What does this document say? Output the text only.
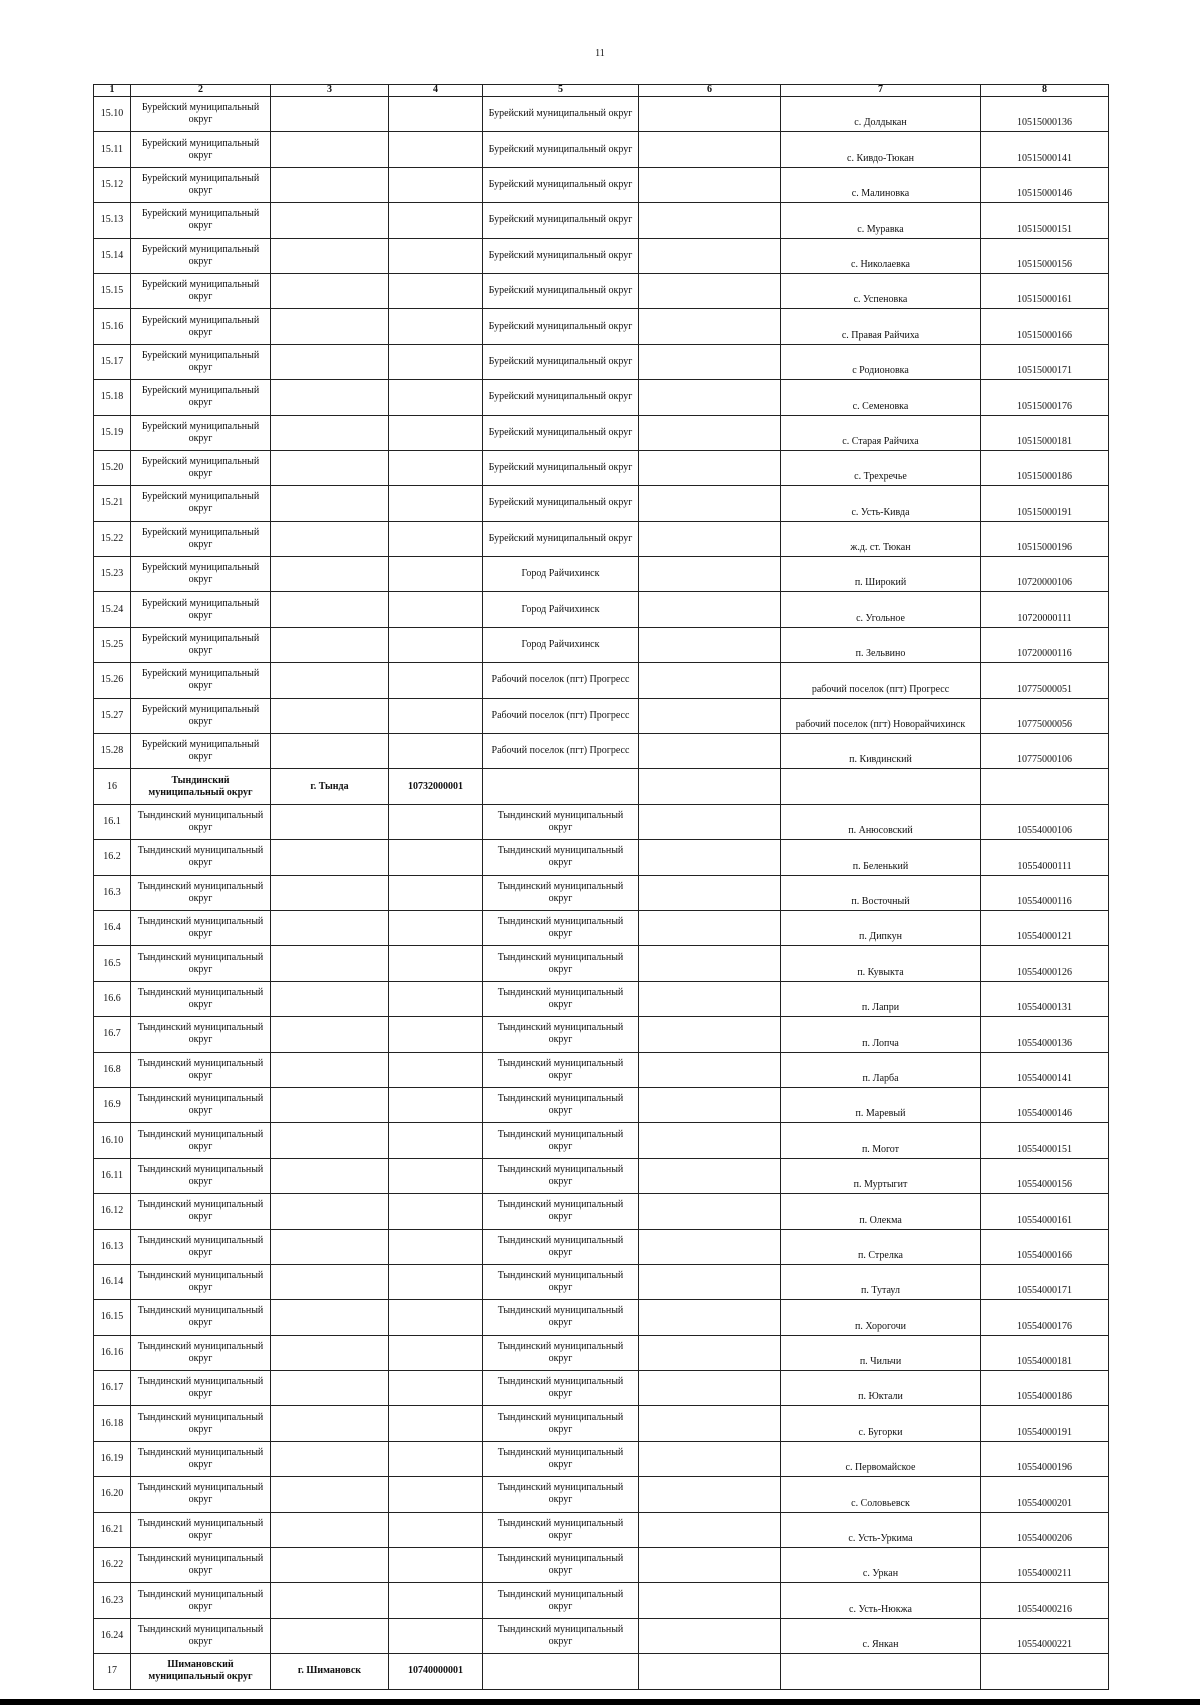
11
1	2	3	4	5	6	7	8
15.10	Бурейский муниципальный округ			Бурейский муниципальный округ		с. Долдыкан	10515000136
15.11	Бурейский муниципальный округ			Бурейский муниципальный округ		с. Кивдо-Тюкан	10515000141
15.12	Бурейский муниципальный округ			Бурейский муниципальный округ		с. Малиновка	10515000146
15.13	Бурейский муниципальный округ			Бурейский муниципальный округ		с. Муравка	10515000151
15.14	Бурейский муниципальный округ			Бурейский муниципальный округ		с. Николаевка	10515000156
15.15	Бурейский муниципальный округ			Бурейский муниципальный округ		с. Успеновка	10515000161
15.16	Бурейский муниципальный округ			Бурейский муниципальный округ		с. Правая Райчиха	10515000166
15.17	Бурейский муниципальный округ			Бурейский муниципальный округ		с Родионовка	10515000171
15.18	Бурейский муниципальный округ			Бурейский муниципальный округ		с. Семеновка	10515000176
15.19	Бурейский муниципальный округ			Бурейский муниципальный округ		с. Старая Райчиха	10515000181
15.20	Бурейский муниципальный округ			Бурейский муниципальный округ		с. Трехречье	10515000186
15.21	Бурейский муниципальный округ			Бурейский муниципальный округ		с. Усть-Кивда	10515000191
15.22	Бурейский муниципальный округ			Бурейский муниципальный округ		ж.д. ст. Тюкан	10515000196
15.23	Бурейский муниципальный округ			Город Райчихинск		п. Широкий	10720000106
15.24	Бурейский муниципальный округ			Город Райчихинск		с. Угольное	10720000111
15.25	Бурейский муниципальный округ			Город Райчихинск		п. Зельвино	10720000116
15.26	Бурейский муниципальный округ			Рабочий поселок (пгт) Прогресс		рабочий поселок (пгт) Прогресс	10775000051
15.27	Бурейский муниципальный округ			Рабочий поселок (пгт) Прогресс		рабочий поселок (пгт) Новорайчихинск	10775000056
15.28	Бурейский муниципальный округ			Рабочий поселок (пгт) Прогресс		п. Кивдинский	10775000106
16	Тындинский муниципальный округ	г. Тында	10732000001				
16.1	Тындинский муниципальный округ			Тындинский муниципальный округ		п. Анюсовский	10554000106
16.2	Тындинский муниципальный округ			Тындинский муниципальный округ		п. Беленький	10554000111
16.3	Тындинский муниципальный округ			Тындинский муниципальный округ		п. Восточный	10554000116
16.4	Тындинский муниципальный округ			Тындинский муниципальный округ		п. Дипкун	10554000121
16.5	Тындинский муниципальный округ			Тындинский муниципальный округ		п. Кувыкта	10554000126
16.6	Тындинский муниципальный округ			Тындинский муниципальный округ		п. Лапри	10554000131
16.7	Тындинский муниципальный округ			Тындинский муниципальный округ		п. Лопча	10554000136
16.8	Тындинский муниципальный округ			Тындинский муниципальный округ		п. Ларба	10554000141
16.9	Тындинский муниципальный округ			Тындинский муниципальный округ		п. Маревый	10554000146
16.10	Тындинский муниципальный округ			Тындинский муниципальный округ		п. Могот	10554000151
16.11	Тындинский муниципальный округ			Тындинский муниципальный округ		п. Муртыгит	10554000156
16.12	Тындинский муниципальный округ			Тындинский муниципальный округ		п. Олекма	10554000161
16.13	Тындинский муниципальный округ			Тындинский муниципальный округ		п. Стрелка	10554000166
16.14	Тындинский муниципальный округ			Тындинский муниципальный округ		п. Тутаул	10554000171
16.15	Тындинский муниципальный округ			Тындинский муниципальный округ		п. Хорогочи	10554000176
16.16	Тындинский муниципальный округ			Тындинский муниципальный округ		п. Чильчи	10554000181
16.17	Тындинский муниципальный округ			Тындинский муниципальный округ		п. Юктали	10554000186
16.18	Тындинский муниципальный округ			Тындинский муниципальный округ		с. Бугорки	10554000191
16.19	Тындинский муниципальный округ			Тындинский муниципальный округ		с. Первомайское	10554000196
16.20	Тындинский муниципальный округ			Тындинский муниципальный округ		с. Соловьевск	10554000201
16.21	Тындинский муниципальный округ			Тындинский муниципальный округ		с. Усть-Уркима	10554000206
16.22	Тындинский муниципальный округ			Тындинский муниципальный округ		с. Уркан	10554000211
16.23	Тындинский муниципальный округ			Тындинский муниципальный округ		с. Усть-Нюкжа	10554000216
16.24	Тындинский муниципальный округ			Тындинский муниципальный округ		с. Янкан	10554000221
17	Шимановский муниципальный округ	г. Шимановск	10740000001				
